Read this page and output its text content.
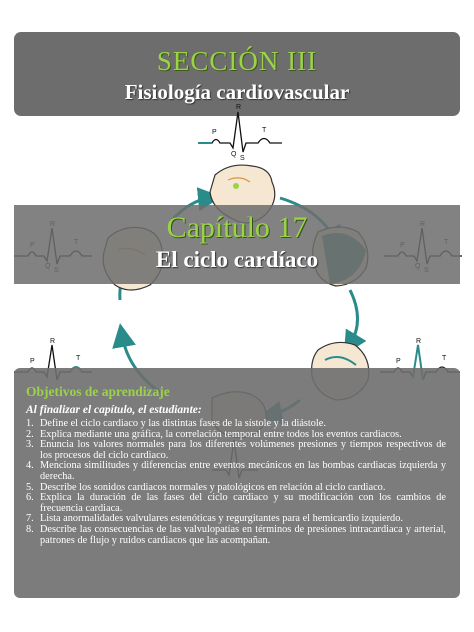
SECCIÓN III
Fisiología cardiovascular
P
R
Q
S
T
P
R
T	P
R
T
Capítulo 17
El ciclo cardíaco
Objetivos de aprendizaje
Al finalizar el capítulo, el estudiante:
1. Define el ciclo cardiaco y las distintas fases de la sístole y la diástole.
2. Explica mediante una gráfica, la correlación temporal entre todos los eventos cardiacos.
3. Enuncia los valores normales para los diferentes volúmenes presiones y tiempos respectivos de los procesos del ciclo cardiaco.
4. Menciona similitudes y diferencias entre eventos mecánicos en las bombas cardiacas izquierda y derecha.
5. Describe los sonidos cardiacos normales y patológicos en relación al ciclo cardiaco.
6. Explica la duración de las fases del ciclo cardiaco y su modificación con los cambios de frecuencia cardiaca.
7. Lista anormalidades valvulares estenóticas y regurgitantes para el hemicardio izquierdo.
8. Describe las consecuencias de las valvulopatías en términos de presiones intracardiaca y arterial, patrones de flujo y ruidos cardiacos que las acompañan.
